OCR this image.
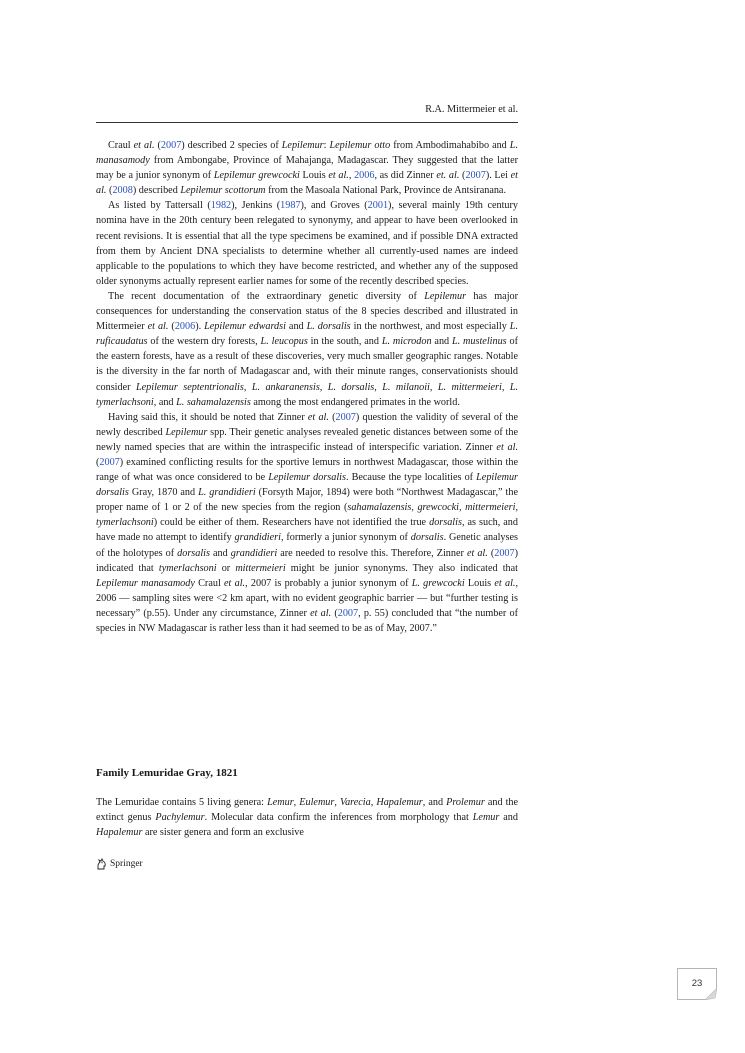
R.A. Mittermeier et al.

Craul et al. (2007) described 2 species of Lepilemur: Lepilemur otto from Ambodimahabibo and L. manasamody from Ambongabe, Province of Mahajanga, Madagascar. They suggested that the latter may be a junior synonym of Lepilemur grewcocki Louis et al., 2006, as did Zinner et. al. (2007). Lei et al. (2008) described Lepilemur scottorum from the Masoala National Park, Province de Antsiranana.

As listed by Tattersall (1982), Jenkins (1987), and Groves (2001), several mainly 19th century nomina have in the 20th century been relegated to synonymy, and appear to have been overlooked in recent revisions. It is essential that all the type specimens be examined, and if possible DNA extracted from them by Ancient DNA specialists to determine whether all currently-used names are indeed applicable to the populations to which they have become restricted, and whether any of the supposed older synonyms actually represent earlier names for some of the recently described species.

The recent documentation of the extraordinary genetic diversity of Lepilemur has major consequences for understanding the conservation status of the 8 species described and illustrated in Mittermeier et al. (2006). Lepilemur edwardsi and L. dorsalis in the northwest, and most especially L. ruficaudatus of the western dry forests, L. leucopus in the south, and L. microdon and L. mustelinus of the eastern forests, have as a result of these discoveries, very much smaller geographic ranges. Notable is the diversity in the far north of Madagascar and, with their minute ranges, conservationists should consider Lepilemur septentrionalis, L. ankaranensis, L. dorsalis, L. milanoii, L. mittermeieri, L. tymerlachsoni, and L. sahamalazensis among the most endangered primates in the world.

Having said this, it should be noted that Zinner et al. (2007) question the validity of several of the newly described Lepilemur spp. Their genetic analyses revealed genetic distances between some of the newly named species that are within the intraspecific instead of interspecific variation. Zinner et al. (2007) examined conflicting results for the sportive lemurs in northwest Madagascar, those within the range of what was once considered to be Lepilemur dorsalis. Because the type localities of Lepilemur dorsalis Gray, 1870 and L. grandidieri (Forsyth Major, 1894) were both “Northwest Madagascar,” the proper name of 1 or 2 of the new species from the region (sahamalazensis, grewcocki, mittermeieri, tymerlachsoni) could be either of them. Researchers have not identified the true dorsalis, as such, and have made no attempt to identify grandidieri, formerly a junior synonym of dorsalis. Genetic analyses of the holotypes of dorsalis and grandidieri are needed to resolve this. Therefore, Zinner et al. (2007) indicated that tymerlachsoni or mittermeieri might be junior synonyms. They also indicated that Lepilemur manasamody Craul et al., 2007 is probably a junior synonym of L. grewcocki Louis et al., 2006 — sampling sites were <2 km apart, with no evident geographic barrier — but “further testing is necessary” (p.55). Under any circumstance, Zinner et al. (2007, p. 55) concluded that “the number of species in NW Madagascar is rather less than it had seemed to be as of May, 2007.”

Family Lemuridae Gray, 1821

The Lemuridae contains 5 living genera: Lemur, Eulemur, Varecia, Hapalemur, and Prolemur and the extinct genus Pachylemur. Molecular data confirm the inferences from morphology that Lemur and Hapalemur are sister genera and form an exclusive

Springer
23
